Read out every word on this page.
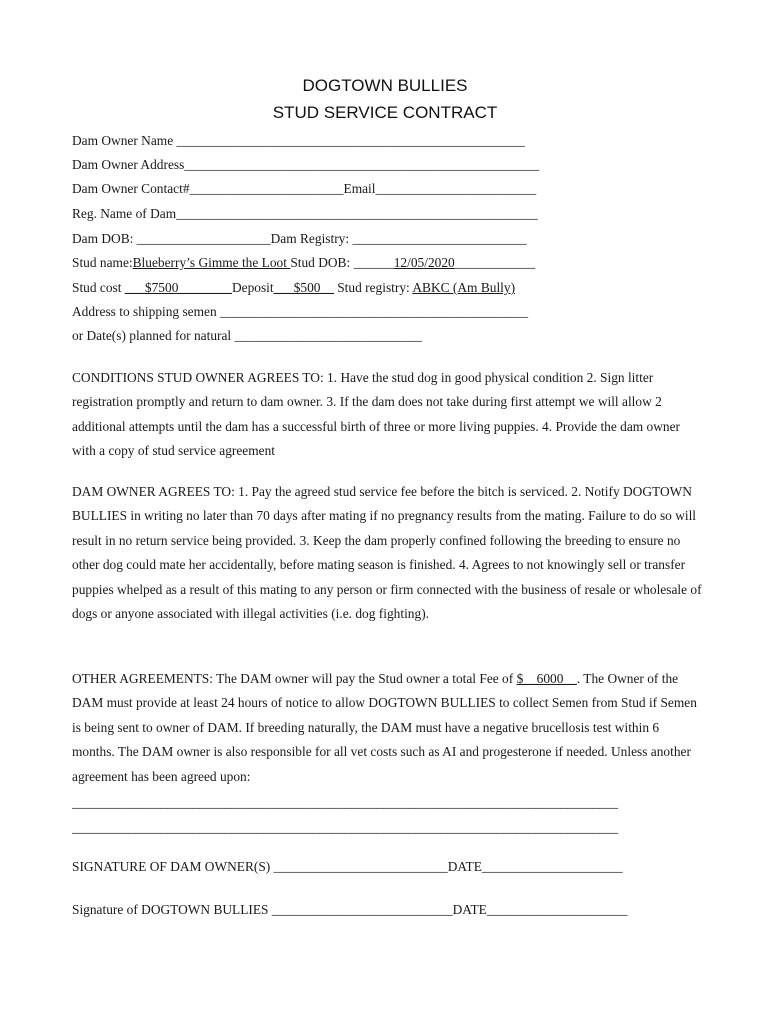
DOGTOWN BULLIES
STUD SERVICE CONTRACT
Dam Owner Name ____________________________________________________
Dam Owner Address_____________________________________________________
Dam Owner Contact#_______________________Email________________________
Reg. Name of Dam______________________________________________________
Dam DOB: ____________________Dam Registry: __________________________
Stud name:Blueberry’s Gimme the Loot Stud DOB: ______12/05/2020____________
Stud cost ___$7500________Deposit___$500__ Stud registry: ABKC (Am Bully)
Address to shipping semen ______________________________________________
or Date(s) planned for natural ____________________________
CONDITIONS STUD OWNER AGREES TO: 1. Have the stud dog in good physical condition 2. Sign litter registration promptly and return to dam owner. 3. If the dam does not take during first attempt we will allow 2 additional attempts until the dam has a successful birth of three or more living puppies. 4. Provide the dam owner with a copy of stud service agreement
DAM OWNER AGREES TO: 1. Pay the agreed stud service fee before the bitch is serviced. 2. Notify DOGTOWN BULLIES in writing no later than 70 days after mating if no pregnancy results from the mating. Failure to do so will result in no return service being provided. 3. Keep the dam properly confined following the breeding to ensure no other dog could mate her accidentally, before mating season is finished. 4. Agrees to not knowingly sell or transfer puppies whelped as a result of this mating to any person or firm connected with the business of resale or wholesale of dogs or anyone associated with illegal activities (i.e. dog fighting).
OTHER AGREEMENTS: The DAM owner will pay the Stud owner a total Fee of $__6000__. The Owner of the DAM must provide at least 24 hours of notice to allow DOGTOWN BULLIES to collect Semen from Stud if Semen is being sent to owner of DAM. If breeding naturally, the DAM must have a negative brucellosis test within 6 months. The DAM owner is also responsible for all vet costs such as AI and progesterone if needed. Unless another agreement has been agreed upon:
______________________________________________________________________________________
______________________________________________________________________________________
SIGNATURE OF DAM OWNER(S) __________________________DATE_____________________
Signature of DOGTOWN BULLIES ___________________________DATE_____________________
